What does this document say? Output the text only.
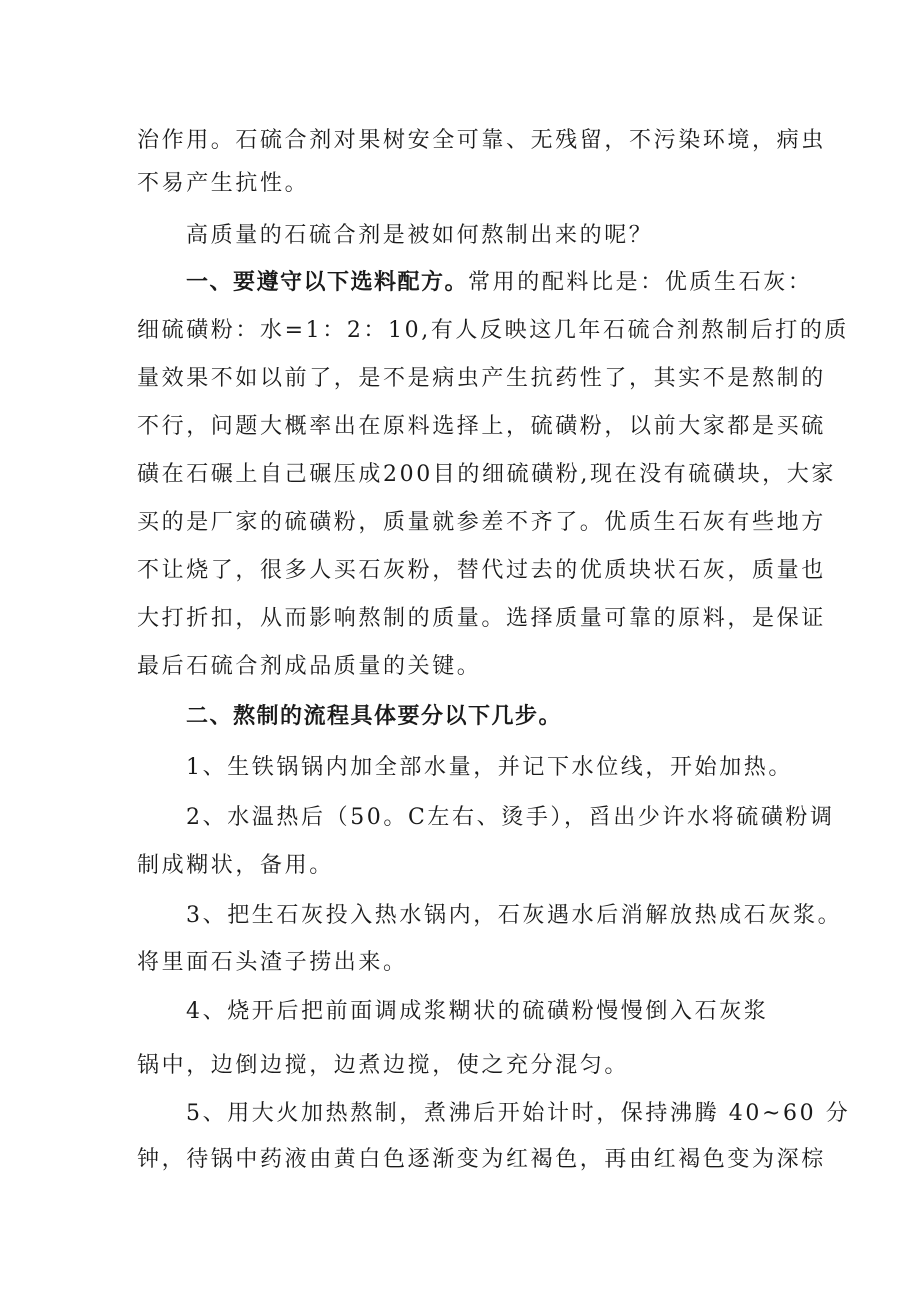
治作用。石硫合剂对果树安全可靠、无残留，不污染环境，病虫
不易产生抗性。
高质量的石硫合剂是被如何熬制出来的呢？
一、要遵守以下选料配方。常用的配料比是：优质生石灰：
细硫磺粉：水=1：2：10,有人反映这几年石硫合剂熬制后打的质
量效果不如以前了，是不是病虫产生抗药性了，其实不是熬制的
不行，问题大概率出在原料选择上，硫磺粉，以前大家都是买硫
磺在石碾上自己碾压成200目的细硫磺粉,现在没有硫磺块，大家
买的是厂家的硫磺粉，质量就参差不齐了。优质生石灰有些地方
不让烧了，很多人买石灰粉，替代过去的优质块状石灰，质量也
大打折扣，从而影响熬制的质量。选择质量可靠的原料，是保证
最后石硫合剂成品质量的关键。
二、熬制的流程具体要分以下几步。
1、生铁锅锅内加全部水量，并记下水位线，开始加热。
2、水温热后（50。C左右、烫手），舀出少许水将硫磺粉调
制成糊状，备用。
3、把生石灰投入热水锅内，石灰遇水后消解放热成石灰浆。
将里面石头渣子捞出来。
4、烧开后把前面调成浆糊状的硫磺粉慢慢倒入石灰浆
锅中，边倒边搅，边煮边搅，使之充分混匀。
5、用大火加热熬制，煮沸后开始计时，保持沸腾 40~60 分
钟，待锅中药液由黄白色逐渐变为红褐色，再由红褐色变为深棕
